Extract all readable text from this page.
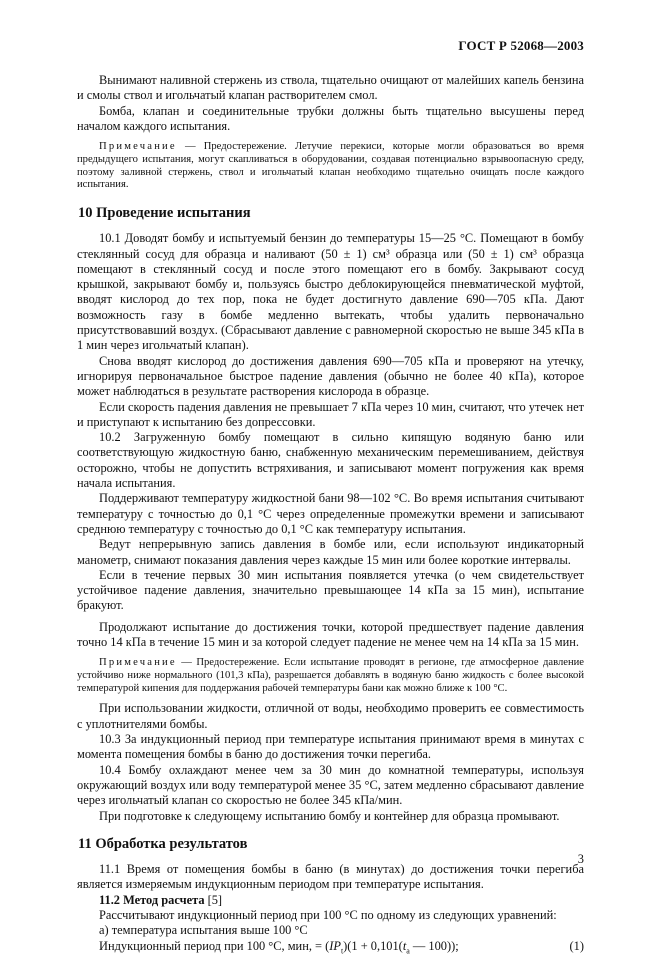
ГОСТ Р 52068—2003

Вынимают наливной стержень из ствола, тщательно очищают от малейших капель бензина и смолы ствол и игольчатый клапан растворителем смол.

Бомба, клапан и соединительные трубки должны быть тщательно высушены перед началом каждого испытания.

Примечание — Предостережение. Летучие перекиси, которые могли образоваться во время предыдущего испытания, могут скапливаться в оборудовании, создавая потенциально взрывоопасную среду, поэтому заливной стержень, ствол и игольчатый клапан необходимо тщательно очищать после каждого испытания.

10 Проведение испытания

10.1 Доводят бомбу и испытуемый бензин до температуры 15—25 °С. Помещают в бомбу стеклянный сосуд для образца и наливают (50 ± 1) см³ образца или (50 ± 1) см³ образца помещают в стеклянный сосуд и после этого помещают его в бомбу. Закрывают сосуд крышкой, закрывают бомбу и, пользуясь быстро деблокирующейся пневматической муфтой, вводят кислород до тех пор, пока не будет достигнуто давление 690—705 кПа. Дают возможность газу в бомбе медленно вытекать, чтобы удалить первоначально присутствовавший воздух. (Сбрасывают давление с равномерной скоростью не выше 345 кПа в 1 мин через игольчатый клапан).

Снова вводят кислород до достижения давления 690—705 кПа и проверяют на утечку, игнорируя первоначальное быстрое падение давления (обычно не более 40 кПа), которое может наблюдаться в результате растворения кислорода в образце.

Если скорость падения давления не превышает 7 кПа через 10 мин, считают, что утечек нет и приступают к испытанию без допрессовки.

10.2 Загруженную бомбу помещают в сильно кипящую водяную баню или соответствующую жидкостную баню, снабженную механическим перемешиванием, действуя осторожно, чтобы не допустить встряхивания, и записывают момент погружения как время начала испытания.

Поддерживают температуру жидкостной бани 98—102 °С. Во время испытания считывают температуру с точностью до 0,1 °С через определенные промежутки времени и записывают среднюю температуру с точностью до 0,1 °С как температуру испытания.

Ведут непрерывную запись давления в бомбе или, если используют индикаторный манометр, снимают показания давления через каждые 15 мин или более короткие интервалы.

Если в течение первых 30 мин испытания появляется утечка (о чем свидетельствует устойчивое падение давления, значительно превышающее 14 кПа за 15 мин), испытание бракуют.

Продолжают испытание до достижения точки, которой предшествует падение давления точно 14 кПа в течение 15 мин и за которой следует падение не менее чем на 14 кПа за 15 мин.

Примечание — Предостережение. Если испытание проводят в регионе, где атмосферное давление устойчиво ниже нормального (101,3 кПа), разрешается добавлять в водяную баню жидкость с более высокой температурой кипения для поддержания рабочей температуры бани как можно ближе к 100 °С.

При использовании жидкости, отличной от воды, необходимо проверить ее совместимость с уплотнителями бомбы.

10.3 За индукционный период при температуре испытания принимают время в минутах с момента помещения бомбы в баню до достижения точки перегиба.

10.4 Бомбу охлаждают менее чем за 30 мин до комнатной температуры, используя окружающий воздух или воду температурой менее 35 °С, затем медленно сбрасывают давление через игольчатый клапан со скоростью не более 345 кПа/мин.

При подготовке к следующему испытанию бомбу и контейнер для образца промывают.

11 Обработка результатов

11.1 Время от помещения бомбы в баню (в минутах) до достижения точки перегиба является измеряемым индукционным периодом при температуре испытания.

11.2 Метод расчета [5]

Рассчитывают индукционный период при 100 °С по одному из следующих уравнений:

а) температура испытания выше 100 °С

Индукционный период при 100 °С, мин, = $(IP_t)(1 + 0,101(t_a$ — 100));	(1)

3
